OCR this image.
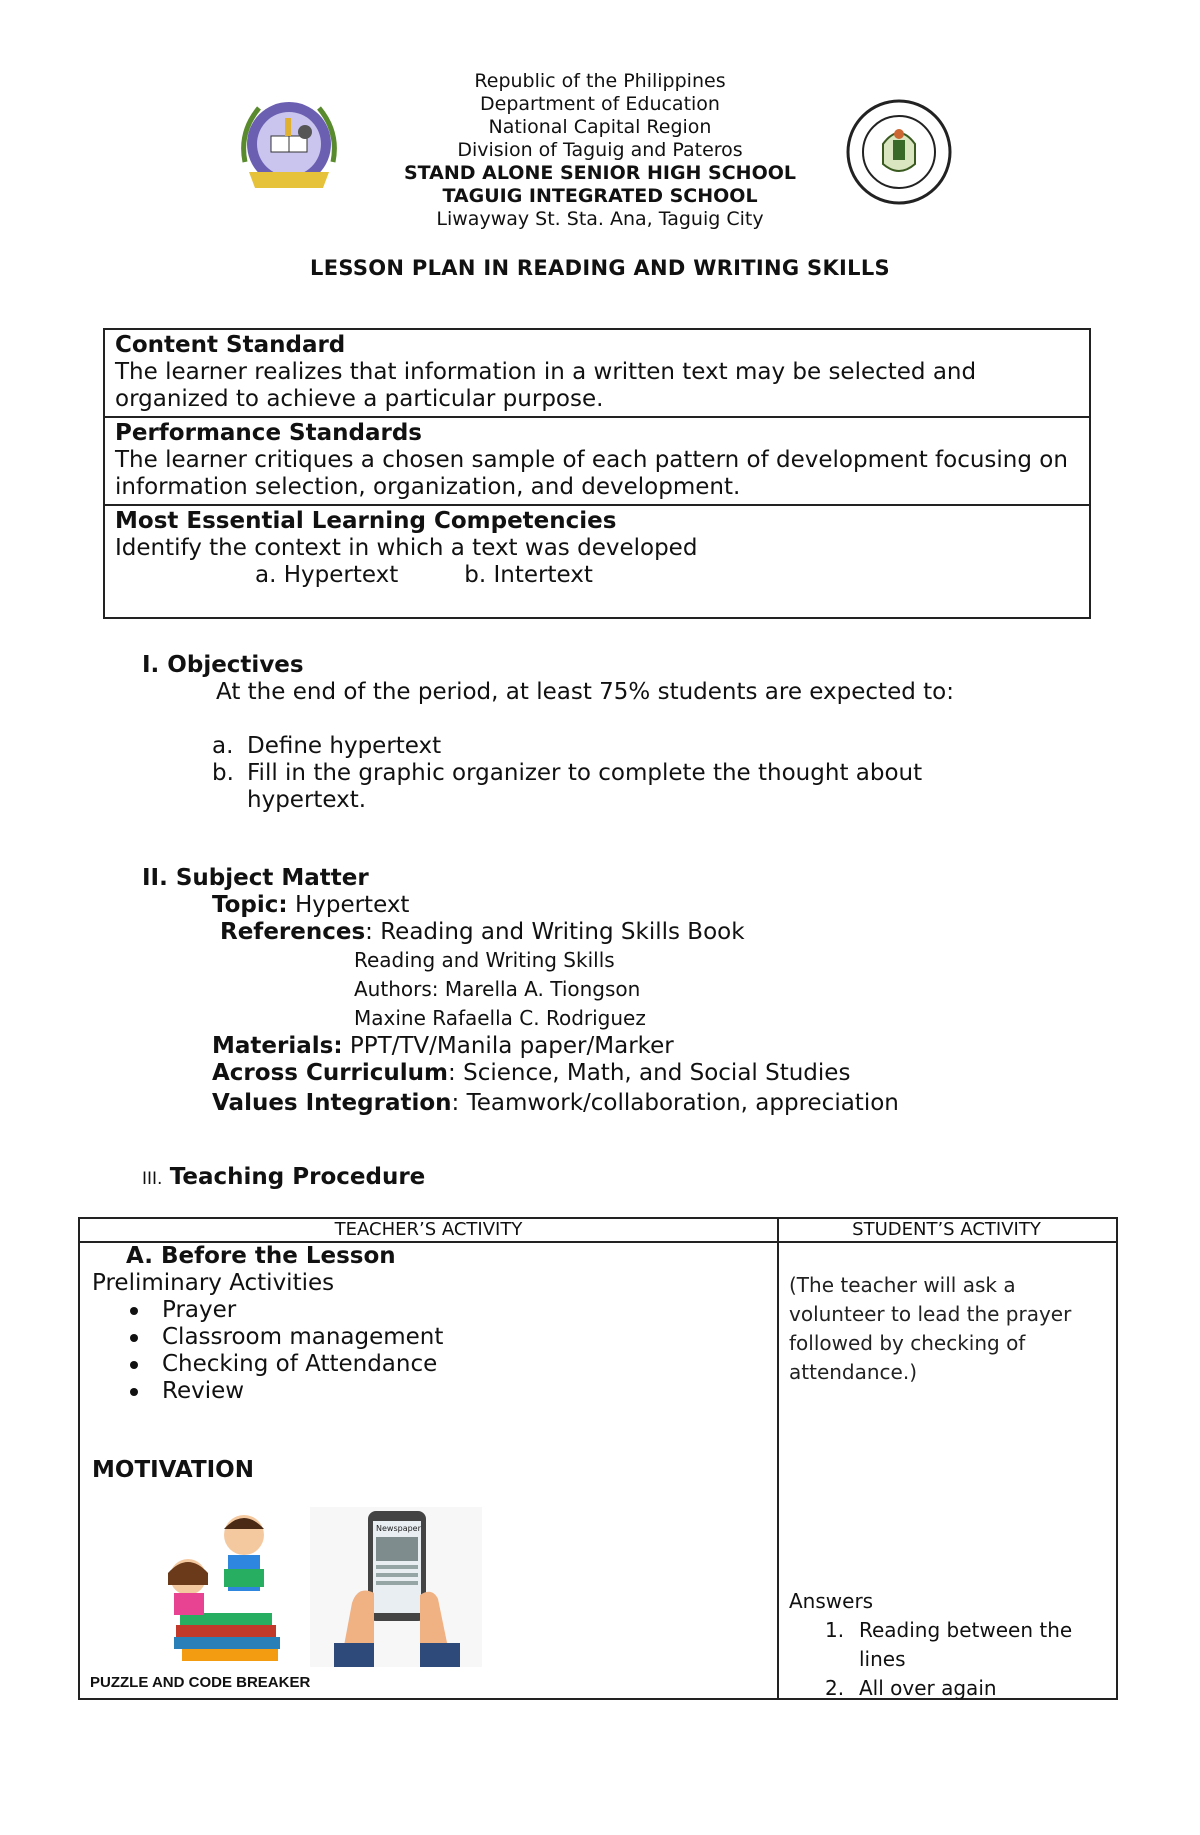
Republic of the Philippines
Department of Education
National Capital Region
Division of Taguig and Pateros
STAND ALONE SENIOR HIGH SCHOOL
TAGUIG INTEGRATED SCHOOL
Liwayway St. Sta. Ana, Taguig City
LESSON PLAN IN READING AND WRITING SKILLS
Content Standard
The learner realizes that information in a written text may be selected and organized to achieve a particular purpose.
Performance Standards
The learner critiques a chosen sample of each pattern of development focusing on information selection, organization, and development.
Most Essential Learning Competencies
Identify the context in which a text was developed
a. Hypertext	b. Intertext
I. Objectives
At the end of the period, at least 75% students are expected to:
a. Define hypertext
b. Fill in the graphic organizer to complete the thought about hypertext.
II. Subject Matter
Topic: Hypertext
References: Reading and Writing Skills Book
Reading and Writing Skills
Authors: Marella A. Tiongson
Maxine Rafaella C. Rodriguez
Materials: PPT/TV/Manila paper/Marker
Across Curriculum: Science, Math, and Social Studies
Values Integration: Teamwork/collaboration, appreciation
III. Teaching Procedure
TEACHER’S ACTIVITY	STUDENT’S ACTIVITY
A. Before the Lesson
Preliminary Activities
Prayer
Classroom management
Checking of Attendance
Review
MOTIVATION
Newspaper
PUZZLE AND CODE BREAKER
(The teacher will ask a volunteer to lead the prayer followed by checking of attendance.)
Answers
1. Reading between the lines
2. All over again
